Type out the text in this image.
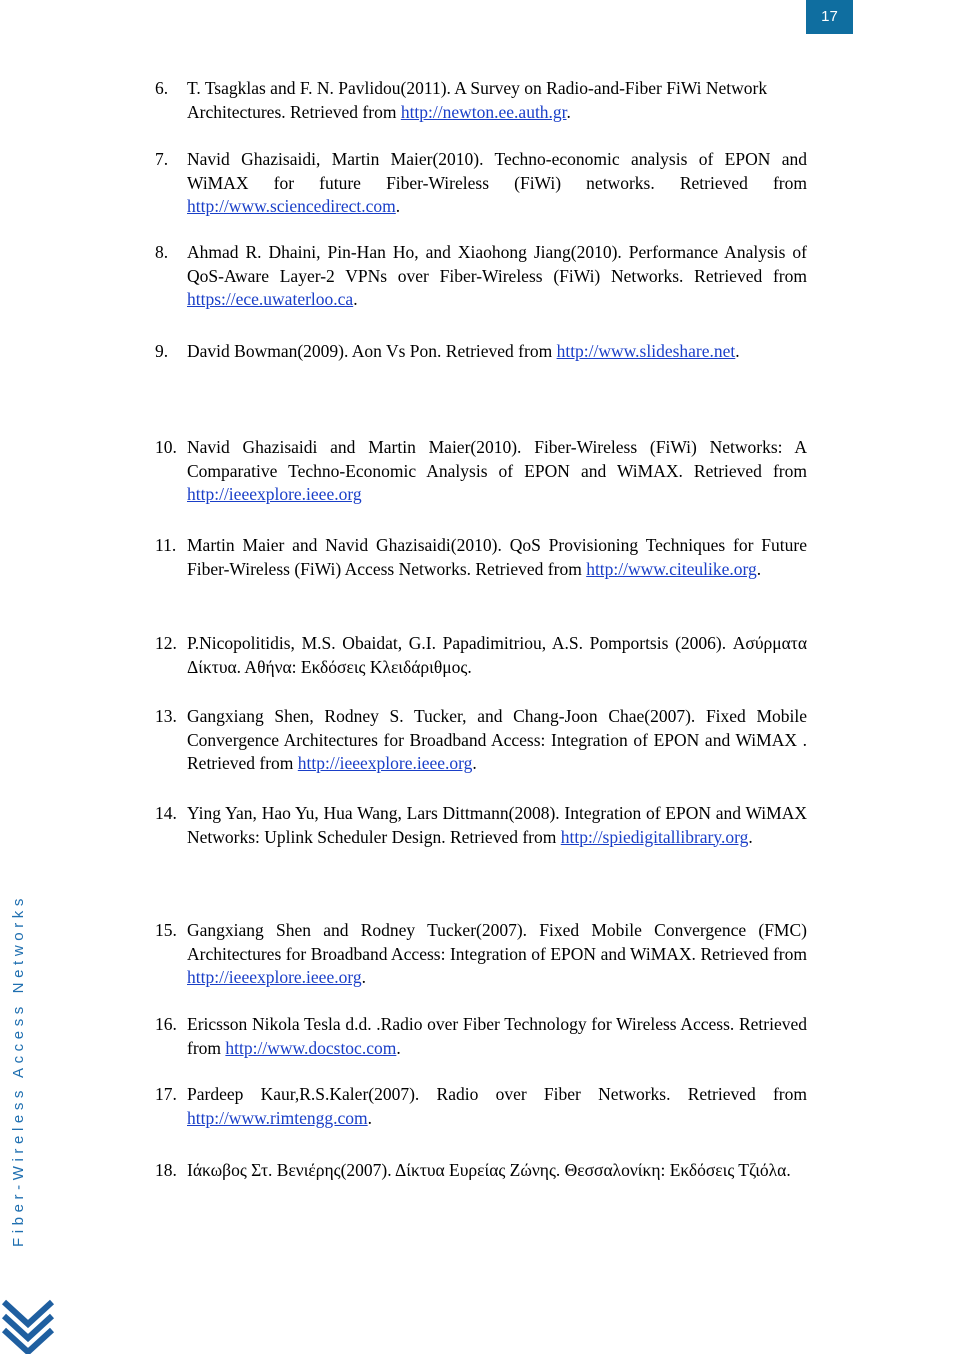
17
6. T. Tsagklas and F. N. Pavlidou(2011). A Survey on Radio-and-Fiber FiWi Network Architectures. Retrieved from http://newton.ee.auth.gr.
7. Navid Ghazisaidi, Martin Maier(2010). Techno-economic analysis of EPON and WiMAX for future Fiber-Wireless (FiWi) networks. Retrieved from http://www.sciencedirect.com.
8. Ahmad R. Dhaini, Pin-Han Ho, and Xiaohong Jiang(2010). Performance Analysis of QoS-Aware Layer-2 VPNs over Fiber-Wireless (FiWi) Networks. Retrieved from https://ece.uwaterloo.ca.
9. David Bowman(2009). Aon Vs Pon. Retrieved from http://www.slideshare.net.
10. Navid Ghazisaidi and Martin Maier(2010). Fiber-Wireless (FiWi) Networks: A Comparative Techno-Economic Analysis of EPON and WiMAX. Retrieved from http://ieeexplore.ieee.org
11. Martin Maier and Navid Ghazisaidi(2010). QoS Provisioning Techniques for Future Fiber-Wireless (FiWi) Access Networks. Retrieved from http://www.citeulike.org.
12. P.Nicopolitidis, M.S. Obaidat, G.I. Papadimitriou, A.S. Pomportsis (2006). Ασύρματα Δίκτυα. Αθήνα: Εκδόσεις Κλειδάριθμος.
13. Gangxiang Shen, Rodney S. Tucker, and Chang-Joon Chae(2007). Fixed Mobile Convergence Architectures for Broadband Access: Integration of EPON and WiMAX . Retrieved from http://ieeexplore.ieee.org.
14. Ying Yan, Hao Yu, Hua Wang, Lars Dittmann(2008). Integration of EPON and WiMAX Networks: Uplink Scheduler Design. Retrieved from http://spiedigitallibrary.org.
15. Gangxiang Shen and Rodney Tucker(2007). Fixed Mobile Convergence (FMC) Architectures for Broadband Access: Integration of EPON and WiMAX. Retrieved from http://ieeexplore.ieee.org.
16. Ericsson Nikola Tesla d.d. .Radio over Fiber Technology for Wireless Access. Retrieved from http://www.docstoc.com.
17. Pardeep Kaur,R.S.Kaler(2007). Radio over Fiber Networks. Retrieved from http://www.rimtengg.com.
18. Ιάκωβος Στ. Βενιέρης(2007). Δίκτυα Ευρείας Ζώνης. Θεσσαλονίκη: Εκδόσεις Τζιόλα.
Fiber-Wireless Access Networks
